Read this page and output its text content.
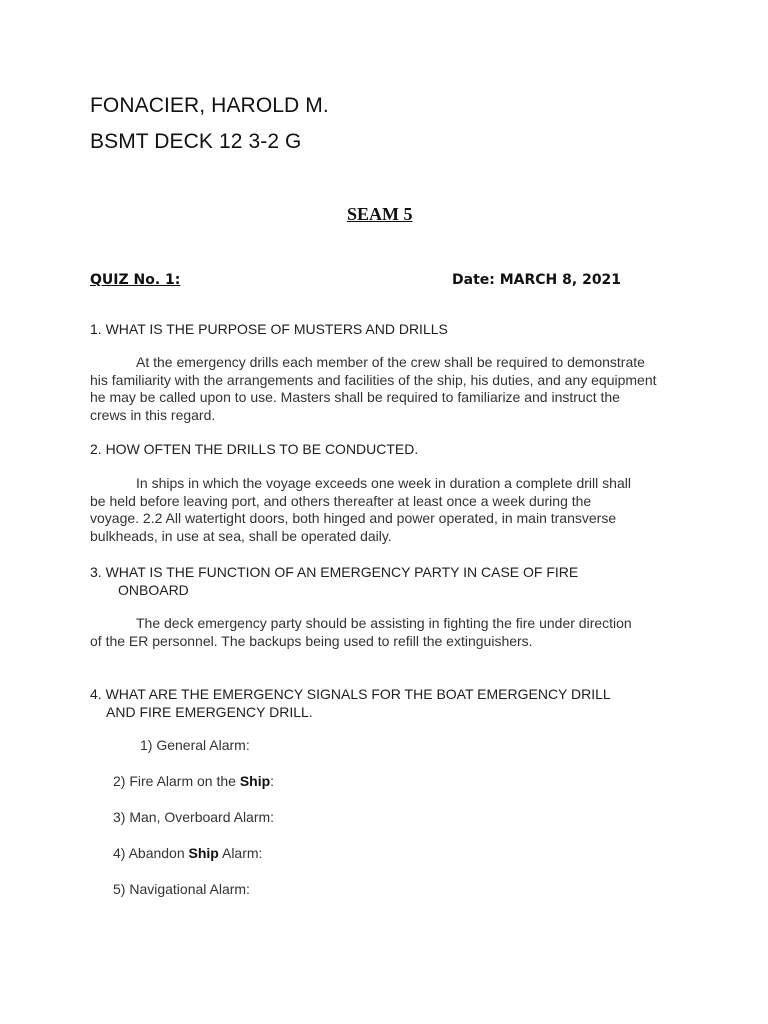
FONACIER, HAROLD M.
BSMT DECK 12 3-2 G
SEAM 5
QUIZ No. 1:	Date: MARCH 8, 2021
1. WHAT IS THE PURPOSE OF MUSTERS AND DRILLS
At the emergency drills each member of the crew shall be required to demonstrate
his familiarity with the arrangements and facilities of the ship, his duties, and any equipment
he may be called upon to use. Masters shall be required to familiarize and instruct the
crews in this regard.
2. HOW OFTEN THE DRILLS TO BE CONDUCTED.
In ships in which the voyage exceeds one week in duration a complete drill shall
be held before leaving port, and others thereafter at least once a week during the
voyage. 2.2 All watertight doors, both hinged and power operated, in main transverse
bulkheads, in use at sea, shall be operated daily.
3. WHAT IS THE FUNCTION OF AN EMERGENCY PARTY IN CASE OF FIRE
ONBOARD
The deck emergency party should be assisting in fighting the fire under direction
of the ER personnel. The backups being used to refill the extinguishers.
4. WHAT ARE THE EMERGENCY SIGNALS FOR THE BOAT EMERGENCY DRILL
AND FIRE EMERGENCY DRILL.
1) General Alarm:
2) Fire Alarm on the Ship:
3) Man, Overboard Alarm:
4) Abandon Ship Alarm:
5) Navigational Alarm:
